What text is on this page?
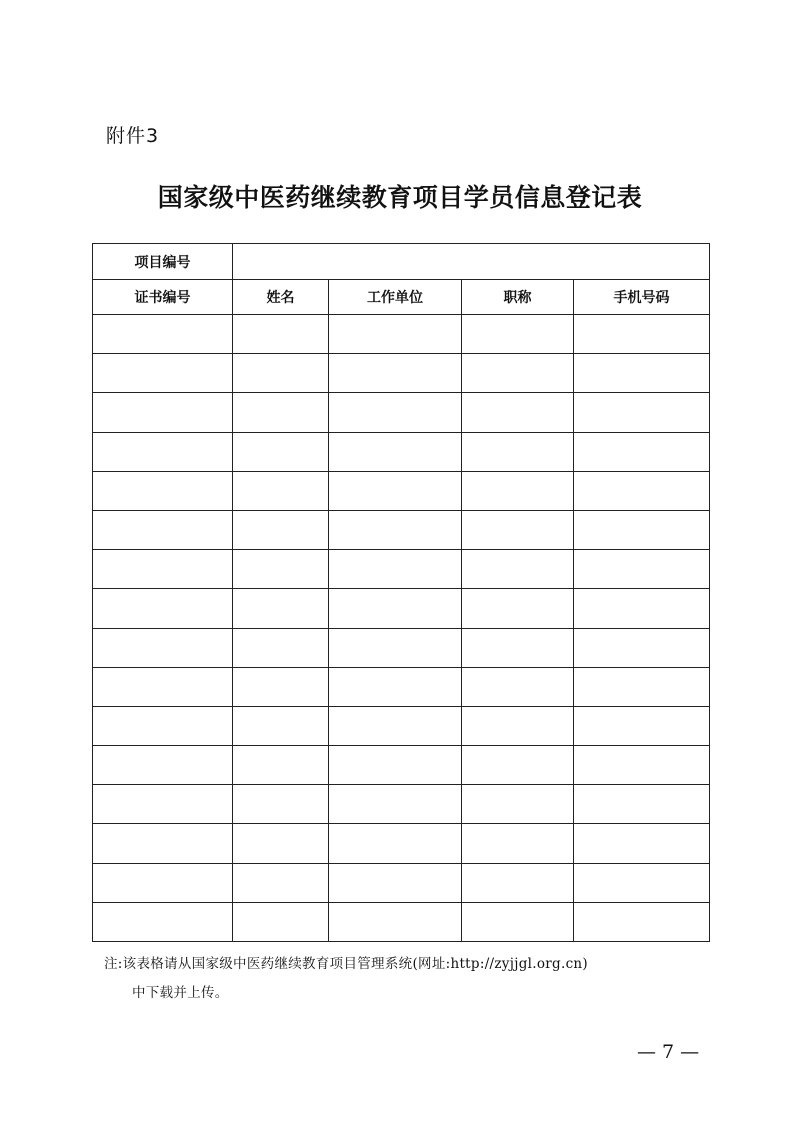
附件3
国家级中医药继续教育项目学员信息登记表
项目编号				
证书编号	姓名	工作单位	职称	手机号码

注:该表格请从国家级中医药继续教育项目管理系统(网址:http://zyjjgl.org.cn)
中下载并上传。
— 7 —
